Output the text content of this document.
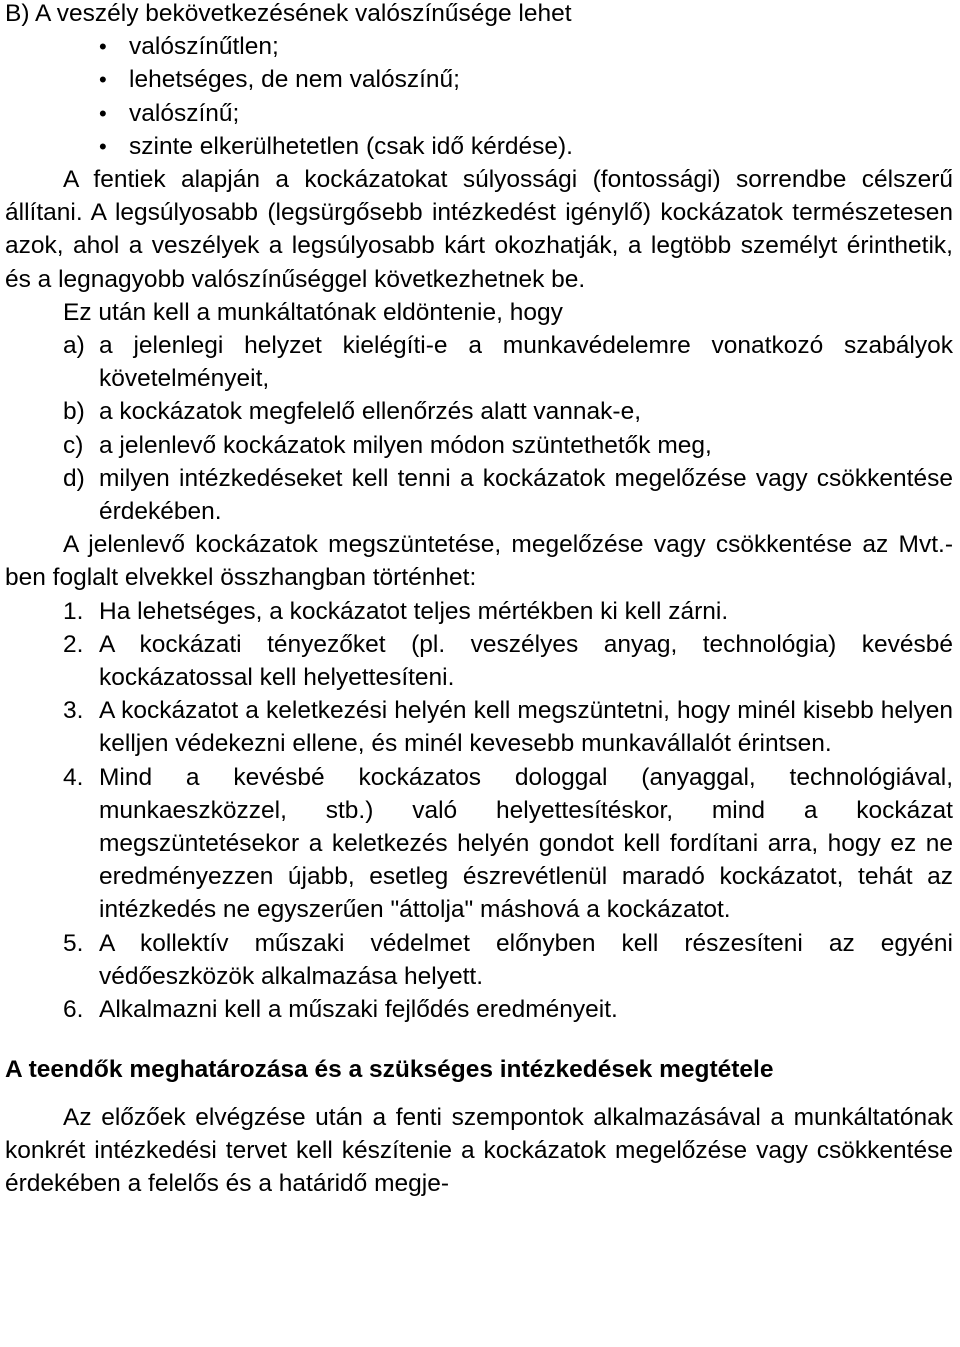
B) A veszély bekövetkezésének valószínűsége lehet

• valószínűtlen;
• lehetséges, de nem valószínű;
• valószínű;
• szinte elkerülhetetlen (csak idő kérdése).

A fentiek alapján a kockázatokat súlyossági (fontossági) sorrendbe célszerű állítani. A legsúlyosabb (legsürgősebb intézkedést igénylő) kockázatok természetesen azok, ahol a veszélyek a legsúlyosabb kárt okozhatják, a legtöbb személyt érinthetik, és a legnagyobb valószínűséggel következhetnek be.

Ez után kell a munkáltatónak eldöntenie, hogy

a) a jelenlegi helyzet kielégíti-e a munkavédelemre vonatkozó szabályok követelményeit,
b) a kockázatok megfelelő ellenőrzés alatt vannak-e,
c) a jelenlevő kockázatok milyen módon szüntethetők meg,
d) milyen intézkedéseket kell tenni a kockázatok megelőzése vagy csökkentése érdekében.

A jelenlevő kockázatok megszüntetése, megelőzése vagy csökkentése az Mvt.-ben foglalt elvekkel összhangban történhet:

1. Ha lehetséges, a kockázatot teljes mértékben ki kell zárni.
2. A kockázati tényezőket (pl. veszélyes anyag, technológia) kevésbé kockázatossal kell helyettesíteni.
3. A kockázatot a keletkezési helyén kell megszüntetni, hogy minél kisebb helyen kelljen védekezni ellene, és minél kevesebb munkavállalót érintsen.
4. Mind a kevésbé kockázatos dologgal (anyaggal, technológiával, munkaeszközzel, stb.) való helyettesítéskor, mind a kockázat megszüntetésekor a keletkezés helyén gondot kell fordítani arra, hogy ez ne eredményezzen újabb, esetleg észrevétlenül maradó kockázatot, tehát az intézkedés ne egyszerűen "áttolja" máshová a kockázatot.
5. A kollektív műszaki védelmet előnyben kell részesíteni az egyéni védőeszközök alkalmazása helyett.
6. Alkalmazni kell a műszaki fejlődés eredményeit.

A teendők meghatározása és a szükséges intézkedések megtétele

Az előzőek elvégzése után a fenti szempontok alkalmazásával a munkáltatónak konkrét intézkedési tervet kell készítenie a kockázatok megelőzése vagy csökkentése érdekében a felelős és a határidő megje-
